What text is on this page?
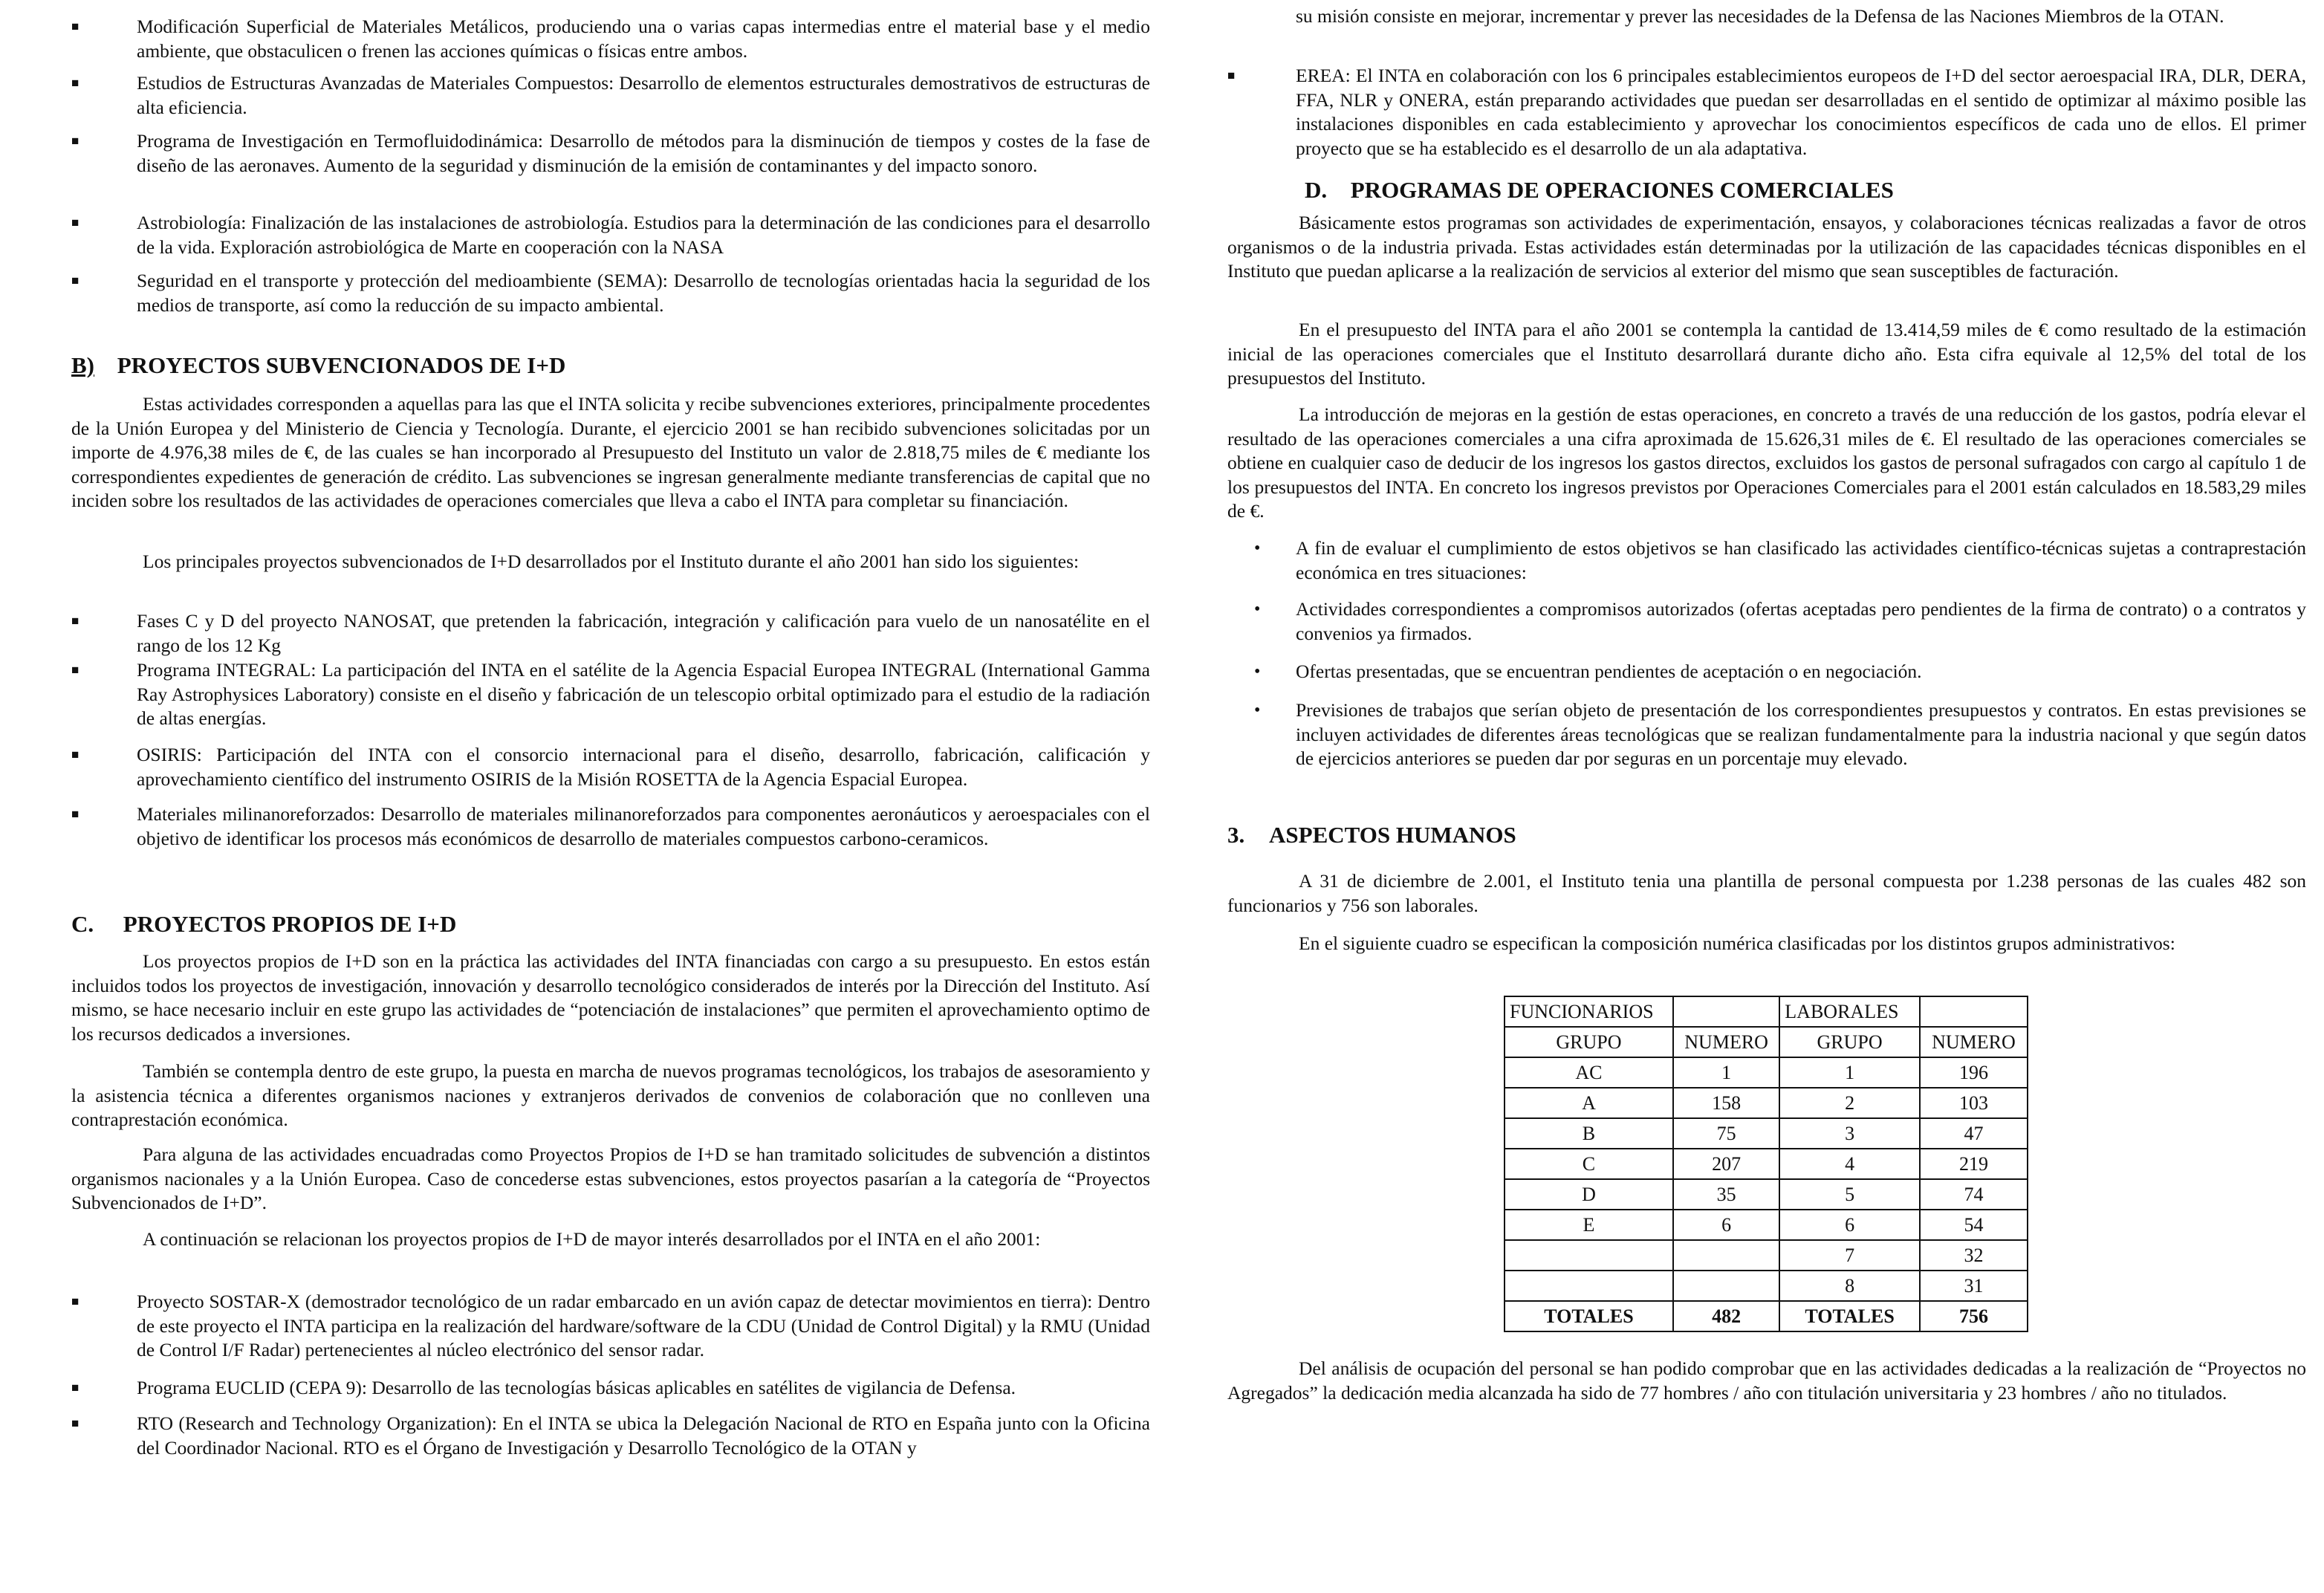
■	Modificación Superficial de Materiales Metálicos, produciendo una o varias capas intermedias entre el material base y el medio ambiente, que obstaculicen o frenen las acciones químicas o físicas entre ambos.
■	Estudios de Estructuras Avanzadas de Materiales Compuestos: Desarrollo de elementos estructurales demostrativos de estructuras de alta eficiencia.
■	Programa de Investigación en Termofluidodinámica: Desarrollo de métodos para la disminución de tiempos y costes de la fase de diseño de las aeronaves. Aumento de la seguridad y disminución de la emisión de contaminantes y del impacto sonoro.
■	Astrobiología: Finalización de las instalaciones de astrobiología. Estudios para la determinación de las condiciones para el desarrollo de la vida. Exploración astrobiológica de Marte en cooperación con la NASA
■	Seguridad en el transporte y protección del medioambiente (SEMA): Desarrollo de tecnologías orientadas hacia la seguridad de los medios de transporte, así como la reducción de su impacto ambiental.
B) PROYECTOS SUBVENCIONADOS DE I+D

Estas actividades corresponden a aquellas para las que el INTA solicita y recibe subvenciones exteriores, principalmente procedentes de la Unión Europea y del Ministerio de Ciencia y Tecnología. Durante, el ejercicio 2001 se han recibido subvenciones solicitadas por un importe de 4.976,38 miles de €, de las cuales se han incorporado al Presupuesto del Instituto un valor de 2.818,75 miles de € mediante los correspondientes expedientes de generación de crédito. Las subvenciones se ingresan generalmente mediante transferencias de capital que no inciden sobre los resultados de las actividades de operaciones comerciales que lleva a cabo el INTA para completar su financiación.

Los principales proyectos subvencionados de I+D desarrollados por el Instituto durante el año 2001 han sido los siguientes:

■	Fases C y D del proyecto NANOSAT, que pretenden la fabricación, integración y calificación para vuelo de un nanosatélite en el rango de los 12 Kg
■	Programa INTEGRAL: La participación del INTA en el satélite de la Agencia Espacial Europea INTEGRAL (International Gamma Ray Astrophysices Laboratory) consiste en el diseño y fabricación de un telescopio orbital optimizado para el estudio de la radiación de altas energías.
■	OSIRIS: Participación del INTA con el consorcio internacional para el diseño, desarrollo, fabricación, calificación y aprovechamiento científico del instrumento OSIRIS de la Misión ROSETTA de la Agencia Espacial Europea.
■	Materiales milinanoreforzados: Desarrollo de materiales milinanoreforzados para componentes aeronáuticos y aeroespaciales con el objetivo de identificar los procesos más económicos de desarrollo de materiales compuestos carbono-ceramicos.
C. PROYECTOS PROPIOS DE I+D

Los proyectos propios de I+D son en la práctica las actividades del INTA financiadas con cargo a su presupuesto. En estos están incluidos todos los proyectos de investigación, innovación y desarrollo tecnológico considerados de interés por la Dirección del Instituto. Así mismo, se hace necesario incluir en este grupo las actividades de “potenciación de instalaciones” que permiten el aprovechamiento optimo de los recursos dedicados a inversiones.

También se contempla dentro de este grupo, la puesta en marcha de nuevos programas tecnológicos, los trabajos de asesoramiento y la asistencia técnica a diferentes organismos naciones y extranjeros derivados de convenios de colaboración que no conlleven una contraprestación económica.

Para alguna de las actividades encuadradas como Proyectos Propios de I+D se han tramitado solicitudes de subvención a distintos organismos nacionales y a la Unión Europea. Caso de concederse estas subvenciones, estos proyectos pasarían a la categoría de “Proyectos Subvencionados de I+D”.

A continuación se relacionan los proyectos propios de I+D de mayor interés desarrollados por el INTA en el año 2001:

■	Proyecto SOSTAR-X (demostrador tecnológico de un radar embarcado en un avión capaz de detectar movimientos en tierra): Dentro de este proyecto el INTA participa en la realización del hardware/software de la CDU (Unidad de Control Digital) y la RMU (Unidad de Control I/F Radar) pertenecientes al núcleo electrónico del sensor radar.
■	Programa EUCLID (CEPA 9): Desarrollo de las tecnologías básicas aplicables en satélites de vigilancia de Defensa.
■	RTO (Research and Technology Organization): En el INTA se ubica la Delegación Nacional de RTO en España junto con la Oficina del Coordinador Nacional. RTO es el Órgano de Investigación y Desarrollo Tecnológico de la OTAN y
su misión consiste en mejorar, incrementar y prever las necesidades de la Defensa de las Naciones Miembros de la OTAN.
■	EREA: El INTA en colaboración con los 6 principales establecimientos europeos de I+D del sector aeroespacial IRA, DLR, DERA, FFA, NLR y ONERA, están preparando actividades que puedan ser desarrolladas en el sentido de optimizar al máximo posible las instalaciones disponibles en cada establecimiento y aprovechar los conocimientos específicos de cada uno de ellos. El primer proyecto que se ha establecido es el desarrollo de un ala adaptativa.
D. PROGRAMAS DE OPERACIONES COMERCIALES

Básicamente estos programas son actividades de experimentación, ensayos, y colaboraciones técnicas realizadas a favor de otros organismos o de la industria privada. Estas actividades están determinadas por la utilización de las capacidades técnicas disponibles en el Instituto que puedan aplicarse a la realización de servicios al exterior del mismo que sean susceptibles de facturación.

En el presupuesto del INTA para el año 2001 se contempla la cantidad de 13.414,59 miles de € como resultado de la estimación inicial de las operaciones comerciales que el Instituto desarrollará durante dicho año. Esta cifra equivale al 12,5% del total de los presupuestos del Instituto.

La introducción de mejoras en la gestión de estas operaciones, en concreto a través de una reducción de los gastos, podría elevar el resultado de las operaciones comerciales a una cifra aproximada de 15.626,31 miles de €. El resultado de las operaciones comerciales se obtiene en cualquier caso de deducir de los ingresos los gastos directos, excluidos los gastos de personal sufragados con cargo al capítulo 1 de los presupuestos del INTA. En concreto los ingresos previstos por Operaciones Comerciales para el 2001 están calculados en 18.583,29 miles de €.

•	A fin de evaluar el cumplimiento de estos objetivos se han clasificado las actividades científico-técnicas sujetas a contraprestación económica en tres situaciones:
•	Actividades correspondientes a compromisos autorizados (ofertas aceptadas pero pendientes de la firma de contrato) o a contratos y convenios ya firmados.
•	Ofertas presentadas, que se encuentran pendientes de aceptación o en negociación.
•	Previsiones de trabajos que serían objeto de presentación de los correspondientes presupuestos y contratos. En estas previsiones se incluyen actividades de diferentes áreas tecnológicas que se realizan fundamentalmente para la industria nacional y que según datos de ejercicios anteriores se pueden dar por seguras en un porcentaje muy elevado.
3. ASPECTOS HUMANOS

A 31 de diciembre de 2.001, el Instituto tenia una plantilla de personal compuesta por 1.238 personas de las cuales 482 son funcionarios y 756 son laborales.

En el siguiente cuadro se especifican la composición numérica clasificadas por los distintos grupos administrativos:

FUNCIONARIOS		LABORALES	
GRUPO	NUMERO	GRUPO	NUMERO
AC	1	1	196
A	158	2	103
B	75	3	47
C	207	4	219
D	35	5	74
E	6	6	54
		7	32
		8	31
TOTALES	482	TOTALES	756

Del análisis de ocupación del personal se han podido comprobar que en las actividades dedicadas a la realización de “Proyectos no Agregados” la dedicación media alcanzada ha sido de 77 hombres / año con titulación universitaria y 23 hombres / año no titulados.
